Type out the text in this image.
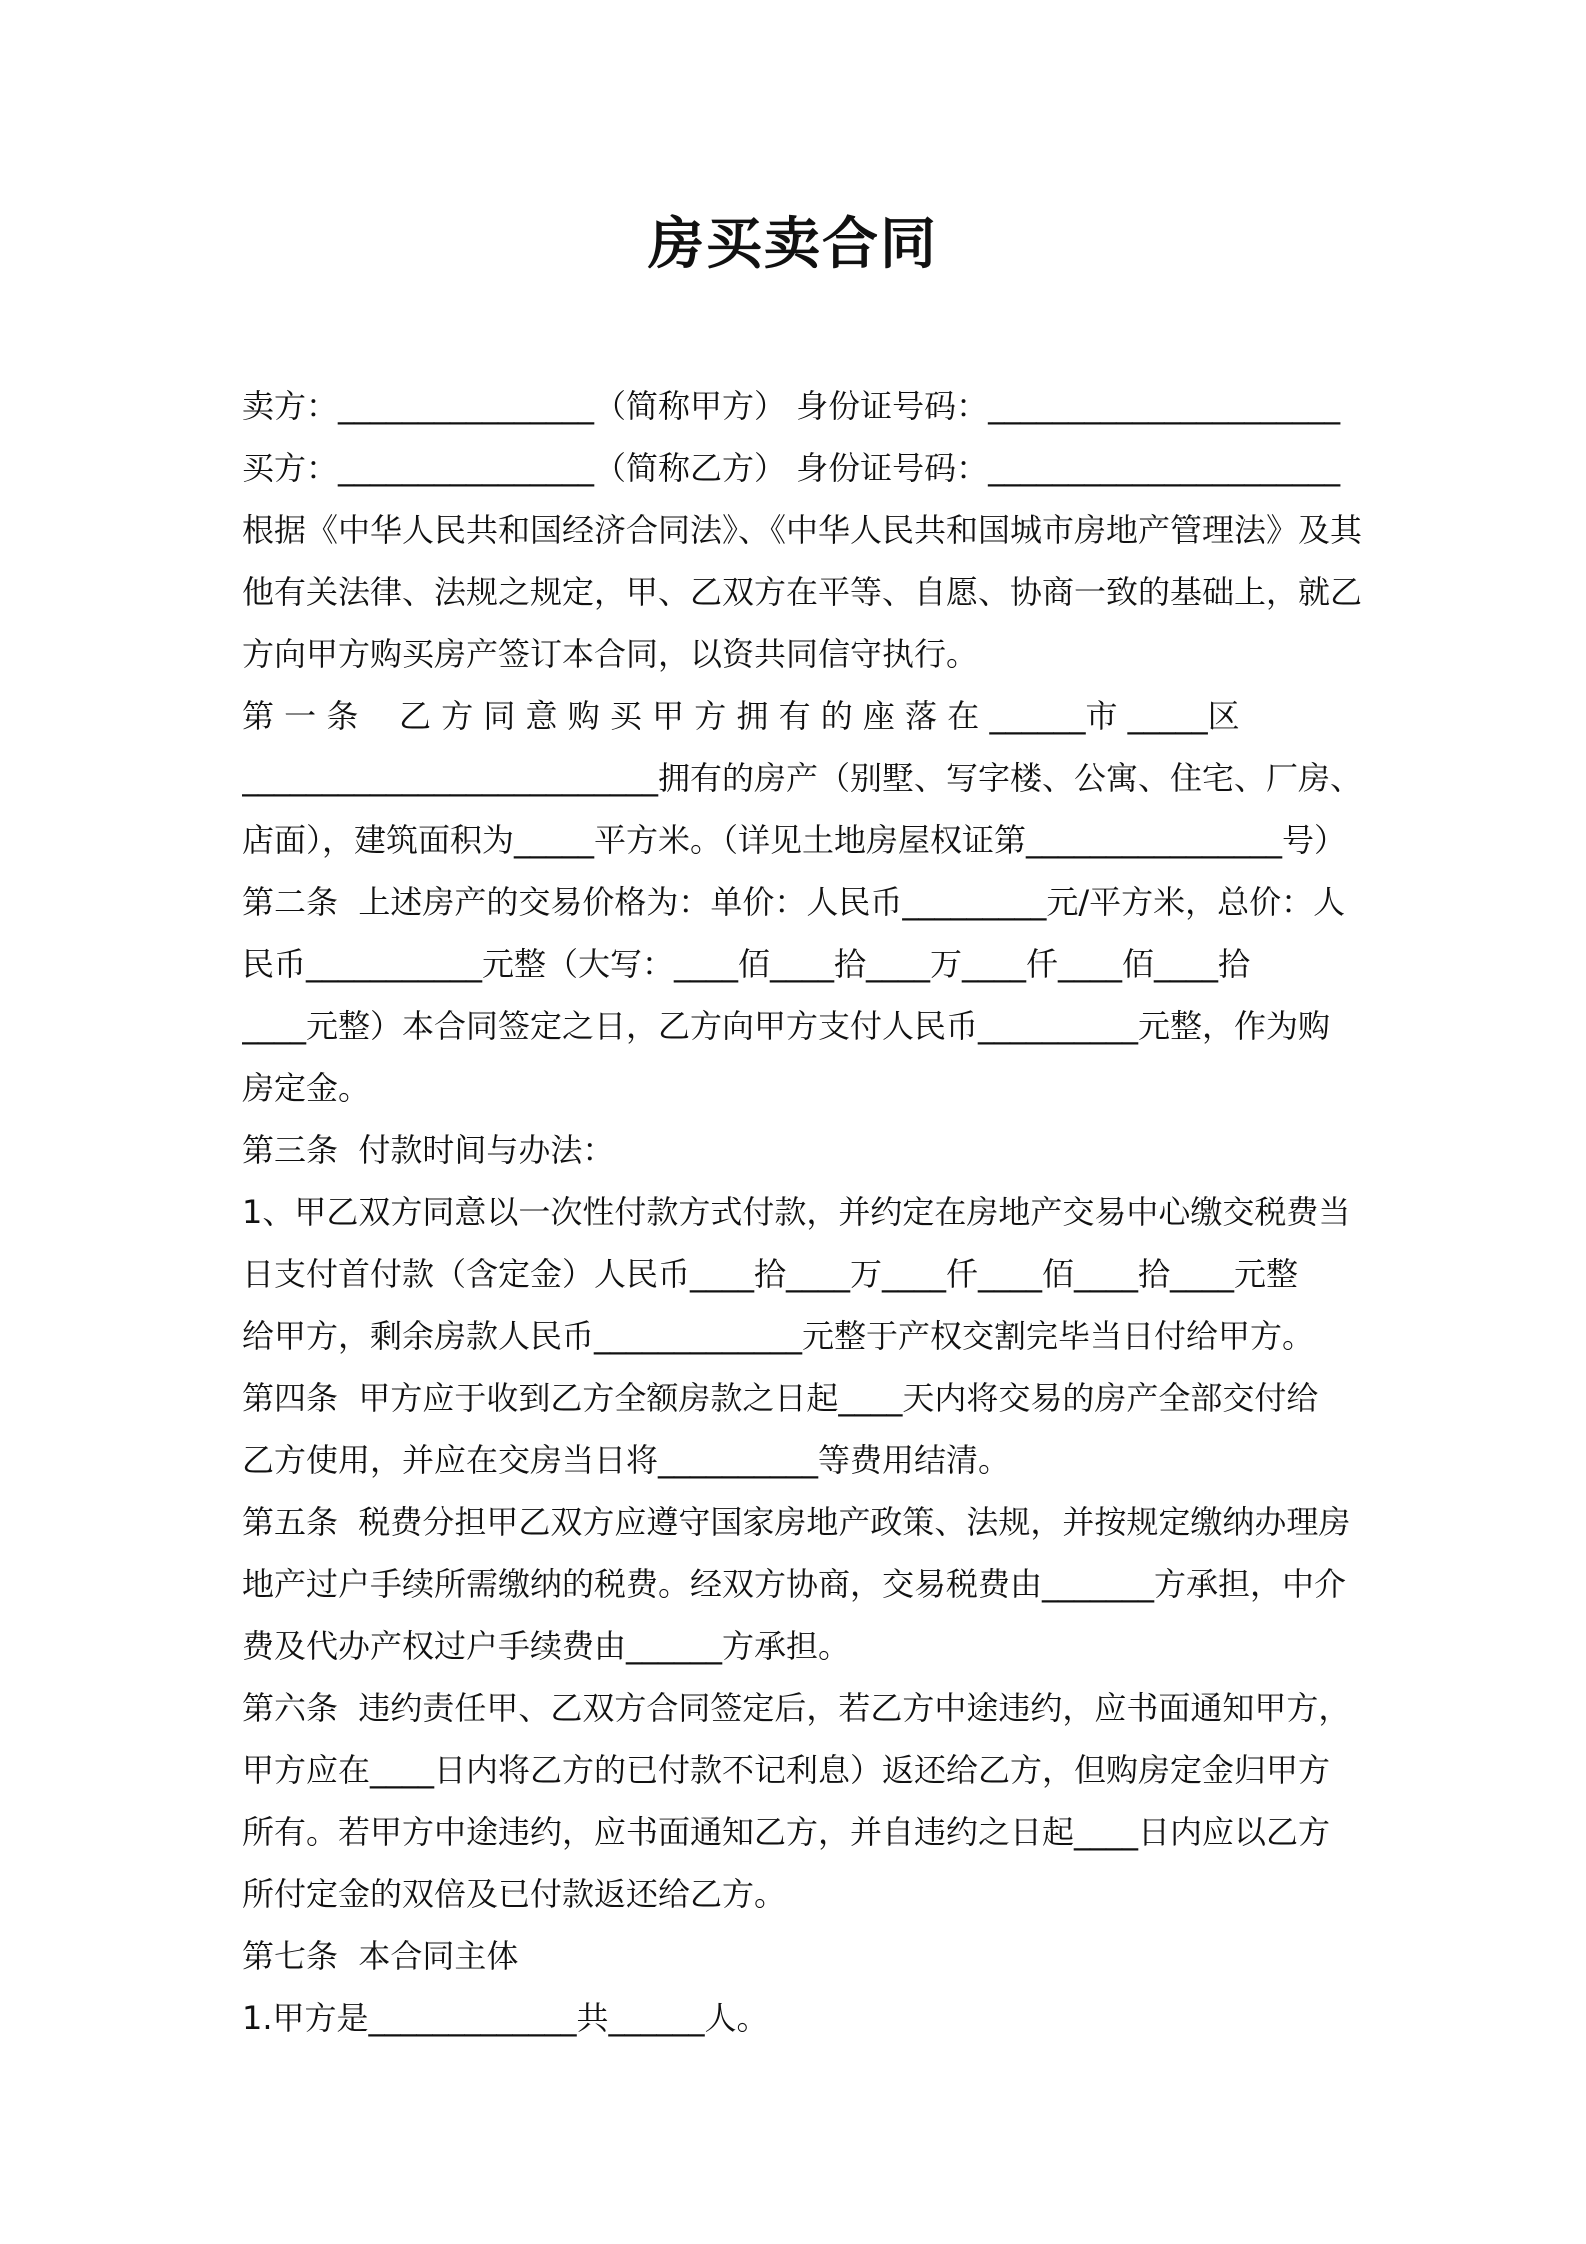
房买卖合同
卖方：________________（简称甲方） 身份证号码：______________________
买方：________________（简称乙方） 身份证号码：______________________
根据《中华人民共和国经济合同法》、《中华人民共和国城市房地产管理法》及其
他有关法律、法规之规定，甲、乙双方在平等、自愿、协商一致的基础上，就乙
方向甲方购买房产签订本合同，以资共同信守执行。
第 一 条    乙 方 同 意 购 买 甲 方 拥 有 的 座 落 在 ______市 _____区
__________________________拥有的房产（别墅、写字楼、公寓、住宅、厂房、
店面），建筑面积为_____平方米。（详见土地房屋权证第________________号）
第二条  上述房产的交易价格为：单价：人民币_________元/平方米，总价：人
民币___________元整（大写：____佰____拾____万____仟____佰____拾
____元整）本合同签定之日，乙方向甲方支付人民币__________元整，作为购
房定金。
第三条  付款时间与办法：
1、甲乙双方同意以一次性付款方式付款，并约定在房地产交易中心缴交税费当
日支付首付款（含定金）人民币____拾____万____仟____佰____拾____元整
给甲方，剩余房款人民币_____________元整于产权交割完毕当日付给甲方。
第四条  甲方应于收到乙方全额房款之日起____天内将交易的房产全部交付给
乙方使用，并应在交房当日将__________等费用结清。
第五条  税费分担甲乙双方应遵守国家房地产政策、法规，并按规定缴纳办理房
地产过户手续所需缴纳的税费。经双方协商，交易税费由_______方承担，中介
费及代办产权过户手续费由______方承担。
第六条  违约责任甲、乙双方合同签定后，若乙方中途违约，应书面通知甲方，
甲方应在____日内将乙方的已付款不记利息）返还给乙方，但购房定金归甲方
所有。若甲方中途违约，应书面通知乙方，并自违约之日起____日内应以乙方
所付定金的双倍及已付款返还给乙方。
第七条  本合同主体
1.甲方是_____________共______人。
